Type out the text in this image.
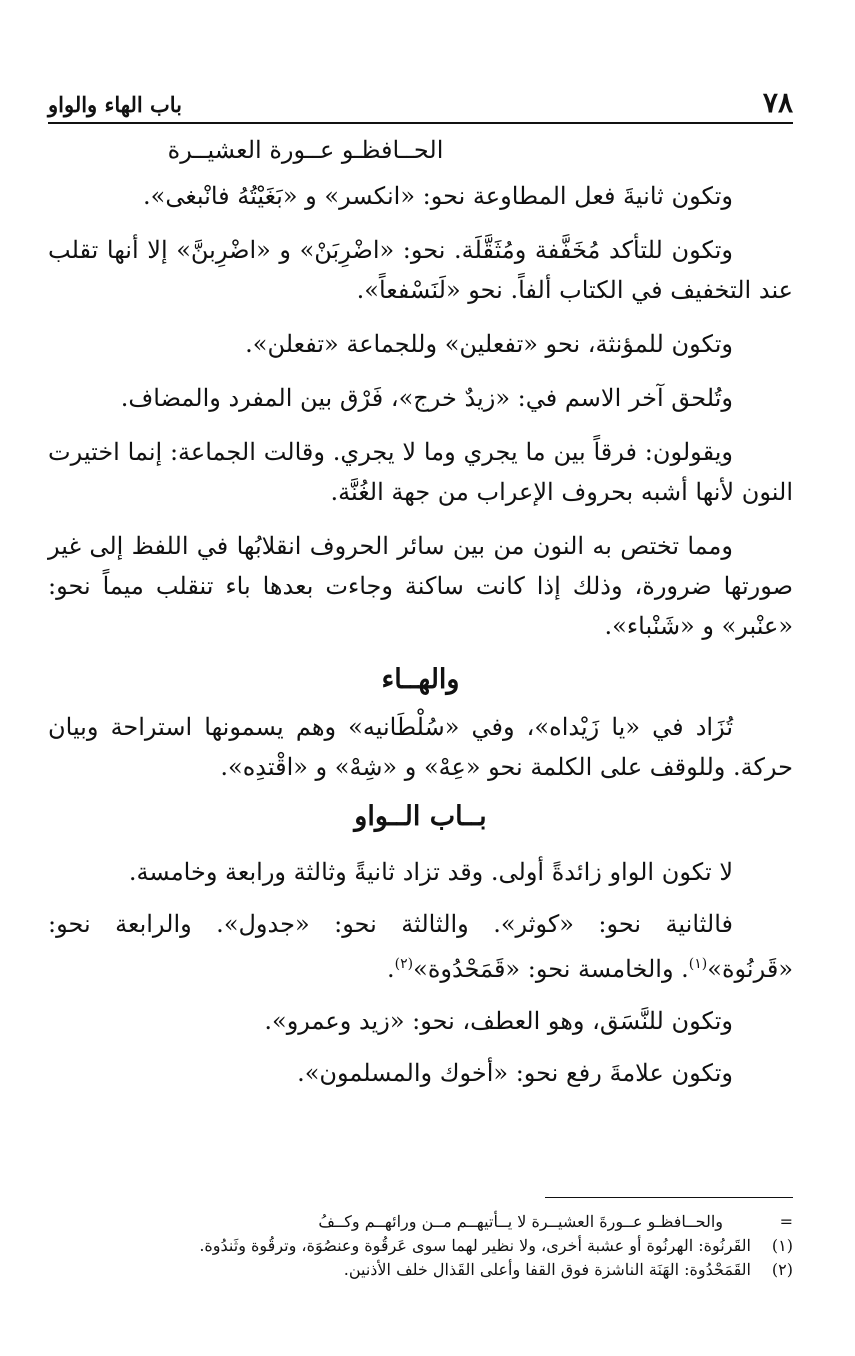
٧٨
باب الهاء والواو
الحــافظـو عــورة العشيــرة

وتكون ثانيةَ فعل المطاوعة نحو: «انكسر» و «بَغَيْتُهُ فانْبغى».

وتكون للتأكد مُخَفَّفة ومُثَقَّلَة. نحو: «اضْرِبَنْ» و «اضْرِبنَّ» إلا أنها تقلب عند التخفيف في الكتاب ألفاً. نحو «لَنَسْفعاً».

وتكون للمؤنثة، نحو «تفعلين» وللجماعة «تفعلن».

وتُلحق آخر الاسم في: «زيدٌ خرج»، فَرْق بين المفرد والمضاف.

ويقولون: فرقاً بين ما يجري وما لا يجري. وقالت الجماعة: إنما اختيرت النون لأنها أشبه بحروف الإعراب من جهة الغُنَّة.

ومما تختص به النون من بين سائر الحروف انقلابُها في اللفظ إلى غير صورتها ضرورة، وذلك إذا كانت ساكنة وجاءت بعدها باء تنقلب ميماً نحو: «عنْبر» و «شَنْباء».

والهــاء

تُزَاد في «يا زَيْداه»، وفي «سُلْطَانيه» وهم يسمونها استراحة وبيان حركة. وللوقف على الكلمة نحو «عِهْ» و «شِهْ» و «اقْتدِه».

بــاب الــواو

لا تكون الواو زائدةً أولى. وقد تزاد ثانيةً وثالثة ورابعة وخامسة.

فالثانية نحو: «كوثر». والثالثة نحو: «جدول». والرابعة نحو: «قَرنُوة»$^{(١)}$. والخامسة نحو: «قَمَحْدُوة»$^{(٢)}$.

وتكون للنَّسَق، وهو العطف، نحو: «زيد وعمرو».

وتكون علامةَ رفع نحو: «أخوك والمسلمون».

=
والحــافظـو عــورةَ العشيــرة لا يــأتيهــم مــن ورائهــم وكــفُ
(١)
القَرنُوة: الهرنُوة أو عشبة أخرى، ولا نظير لهما سوى عَرقُوة وعنصُوَة، وترقُوة وثَندُوة.
(٢)
القَمَحْدُوة: الهَنَة الناشزة فوق القفا وأعلى القَذال خلف الأذنين.
